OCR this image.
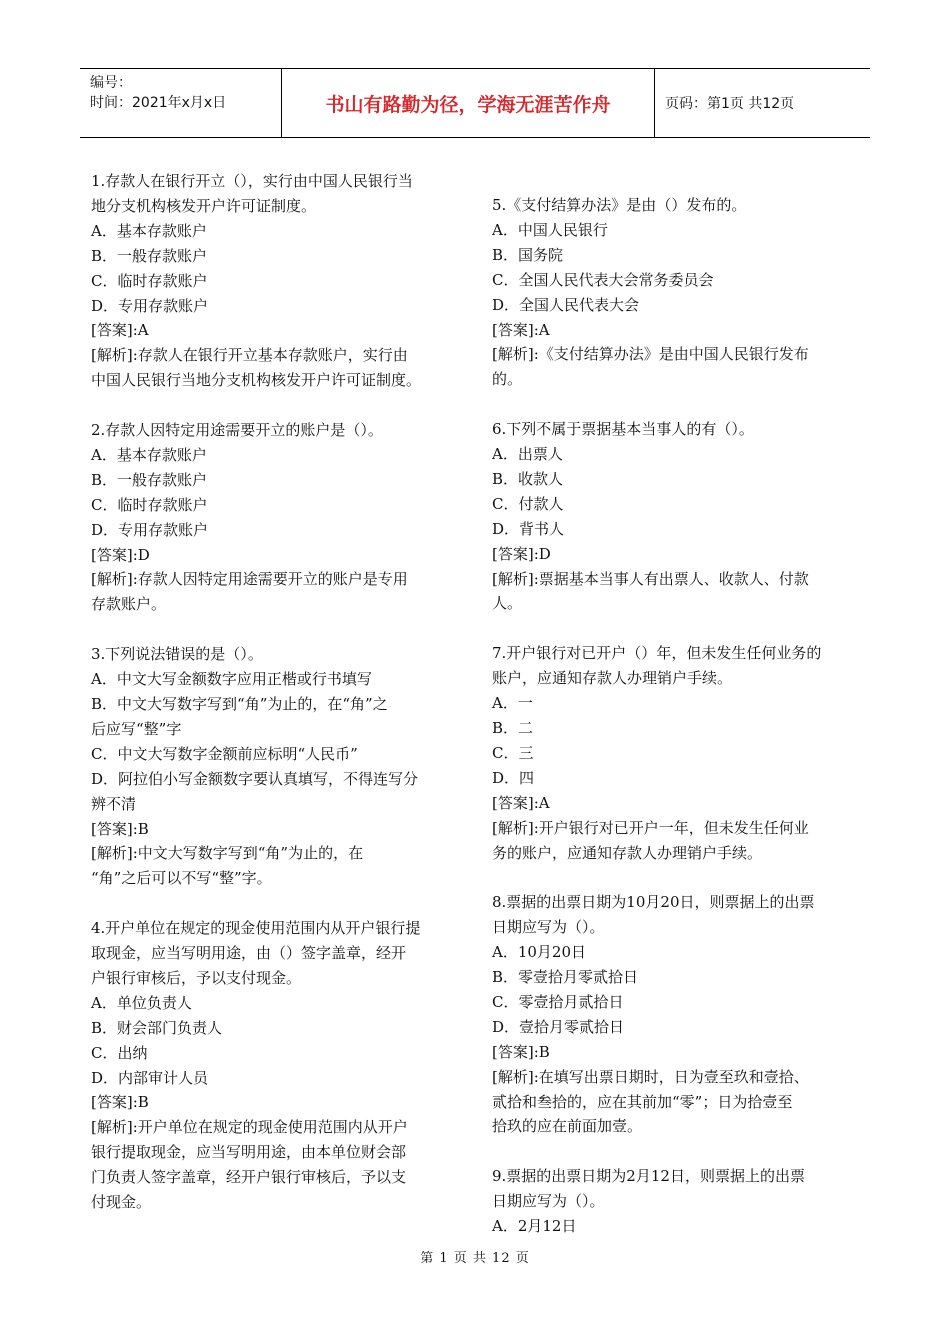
编号：
时间：2021年x月x日	书山有路勤为径，学海无涯苦作舟	页码：第1页 共12页
1.存款人在银行开立（），实行由中国人民银行当
地分支机构核发开户许可证制度。
A．基本存款账户
B．一般存款账户
C．临时存款账户
D．专用存款账户
[答案]:A
[解析]:存款人在银行开立基本存款账户，实行由
中国人民银行当地分支机构核发开户许可证制度。
2.存款人因特定用途需要开立的账户是（）。
A．基本存款账户
B．一般存款账户
C．临时存款账户
D．专用存款账户
[答案]:D
[解析]:存款人因特定用途需要开立的账户是专用
存款账户。
3.下列说法错误的是（）。
A．中文大写金额数字应用正楷或行书填写
B．中文大写数字写到“角”为止的，在“角”之
后应写“整”字
C．中文大写数字金额前应标明“人民币”
D．阿拉伯小写金额数字要认真填写，不得连写分
辨不清
[答案]:B
[解析]:中文大写数字写到“角”为止的，在
“角”之后可以不写“整”字。
4.开户单位在规定的现金使用范围内从开户银行提
取现金，应当写明用途，由（）签字盖章，经开
户银行审核后，予以支付现金。
A．单位负责人
B．财会部门负责人
C．出纳
D．内部审计人员
[答案]:B
[解析]:开户单位在规定的现金使用范围内从开户
银行提取现金，应当写明用途，由本单位财会部
门负责人签字盖章，经开户银行审核后，予以支
付现金。
5.《支付结算办法》是由（）发布的。
A．中国人民银行
B．国务院
C．全国人民代表大会常务委员会
D．全国人民代表大会
[答案]:A
[解析]:《支付结算办法》是由中国人民银行发布
的。
6.下列不属于票据基本当事人的有（）。
A．出票人
B．收款人
C．付款人
D．背书人
[答案]:D
[解析]:票据基本当事人有出票人、收款人、付款
人。
7.开户银行对已开户（）年，但未发生任何业务的
账户，应通知存款人办理销户手续。
A．一
B．二
C．三
D．四
[答案]:A
[解析]:开户银行对已开户一年，但未发生任何业
务的账户，应通知存款人办理销户手续。
8.票据的出票日期为10月20日，则票据上的出票
日期应写为（）。
A．10月20日
B．零壹拾月零贰拾日
C．零壹拾月贰拾日
D．壹拾月零贰拾日
[答案]:B
[解析]:在填写出票日期时，日为壹至玖和壹拾、
贰拾和叁拾的，应在其前加“零”；日为拾壹至
拾玖的应在前面加壹。
9.票据的出票日期为2月12日，则票据上的出票
日期应写为（）。
A．2月12日
第 1 页 共 12 页
